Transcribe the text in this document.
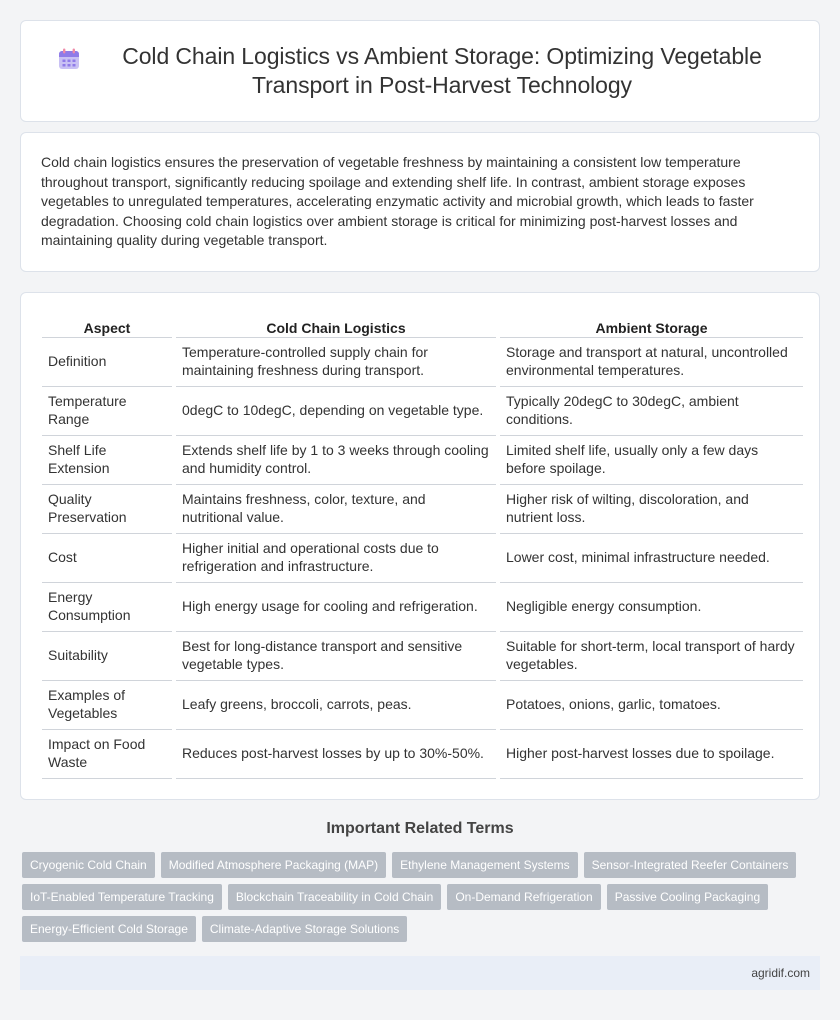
Cold Chain Logistics vs Ambient Storage: Optimizing Vegetable Transport in Post-Harvest Technology

Cold chain logistics ensures the preservation of vegetable freshness by maintaining a consistent low temperature throughout transport, significantly reducing spoilage and extending shelf life. In contrast, ambient storage exposes vegetables to unregulated temperatures, accelerating enzymatic activity and microbial growth, which leads to faster degradation. Choosing cold chain logistics over ambient storage is critical for minimizing post-harvest losses and maintaining quality during vegetable transport.

Aspect	Cold Chain Logistics	Ambient Storage
Definition	Temperature-controlled supply chain for maintaining freshness during transport.	Storage and transport at natural, uncontrolled environmental temperatures.
Temperature Range	0degC to 10degC, depending on vegetable type.	Typically 20degC to 30degC, ambient conditions.
Shelf Life Extension	Extends shelf life by 1 to 3 weeks through cooling and humidity control.	Limited shelf life, usually only a few days before spoilage.
Quality Preservation	Maintains freshness, color, texture, and nutritional value.	Higher risk of wilting, discoloration, and nutrient loss.
Cost	Higher initial and operational costs due to refrigeration and infrastructure.	Lower cost, minimal infrastructure needed.
Energy Consumption	High energy usage for cooling and refrigeration.	Negligible energy consumption.
Suitability	Best for long-distance transport and sensitive vegetable types.	Suitable for short-term, local transport of hardy vegetables.
Examples of Vegetables	Leafy greens, broccoli, carrots, peas.	Potatoes, onions, garlic, tomatoes.
Impact on Food Waste	Reduces post-harvest losses by up to 30%-50%.	Higher post-harvest losses due to spoilage.
Important Related Terms
Cryogenic Cold Chain	Modified Atmosphere Packaging (MAP)	Ethylene Management Systems	Sensor-Integrated Reefer Containers
IoT-Enabled Temperature Tracking	Blockchain Traceability in Cold Chain	On-Demand Refrigeration	Passive Cooling Packaging
Energy-Efficient Cold Storage	Climate-Adaptive Storage Solutions
agridif.com
